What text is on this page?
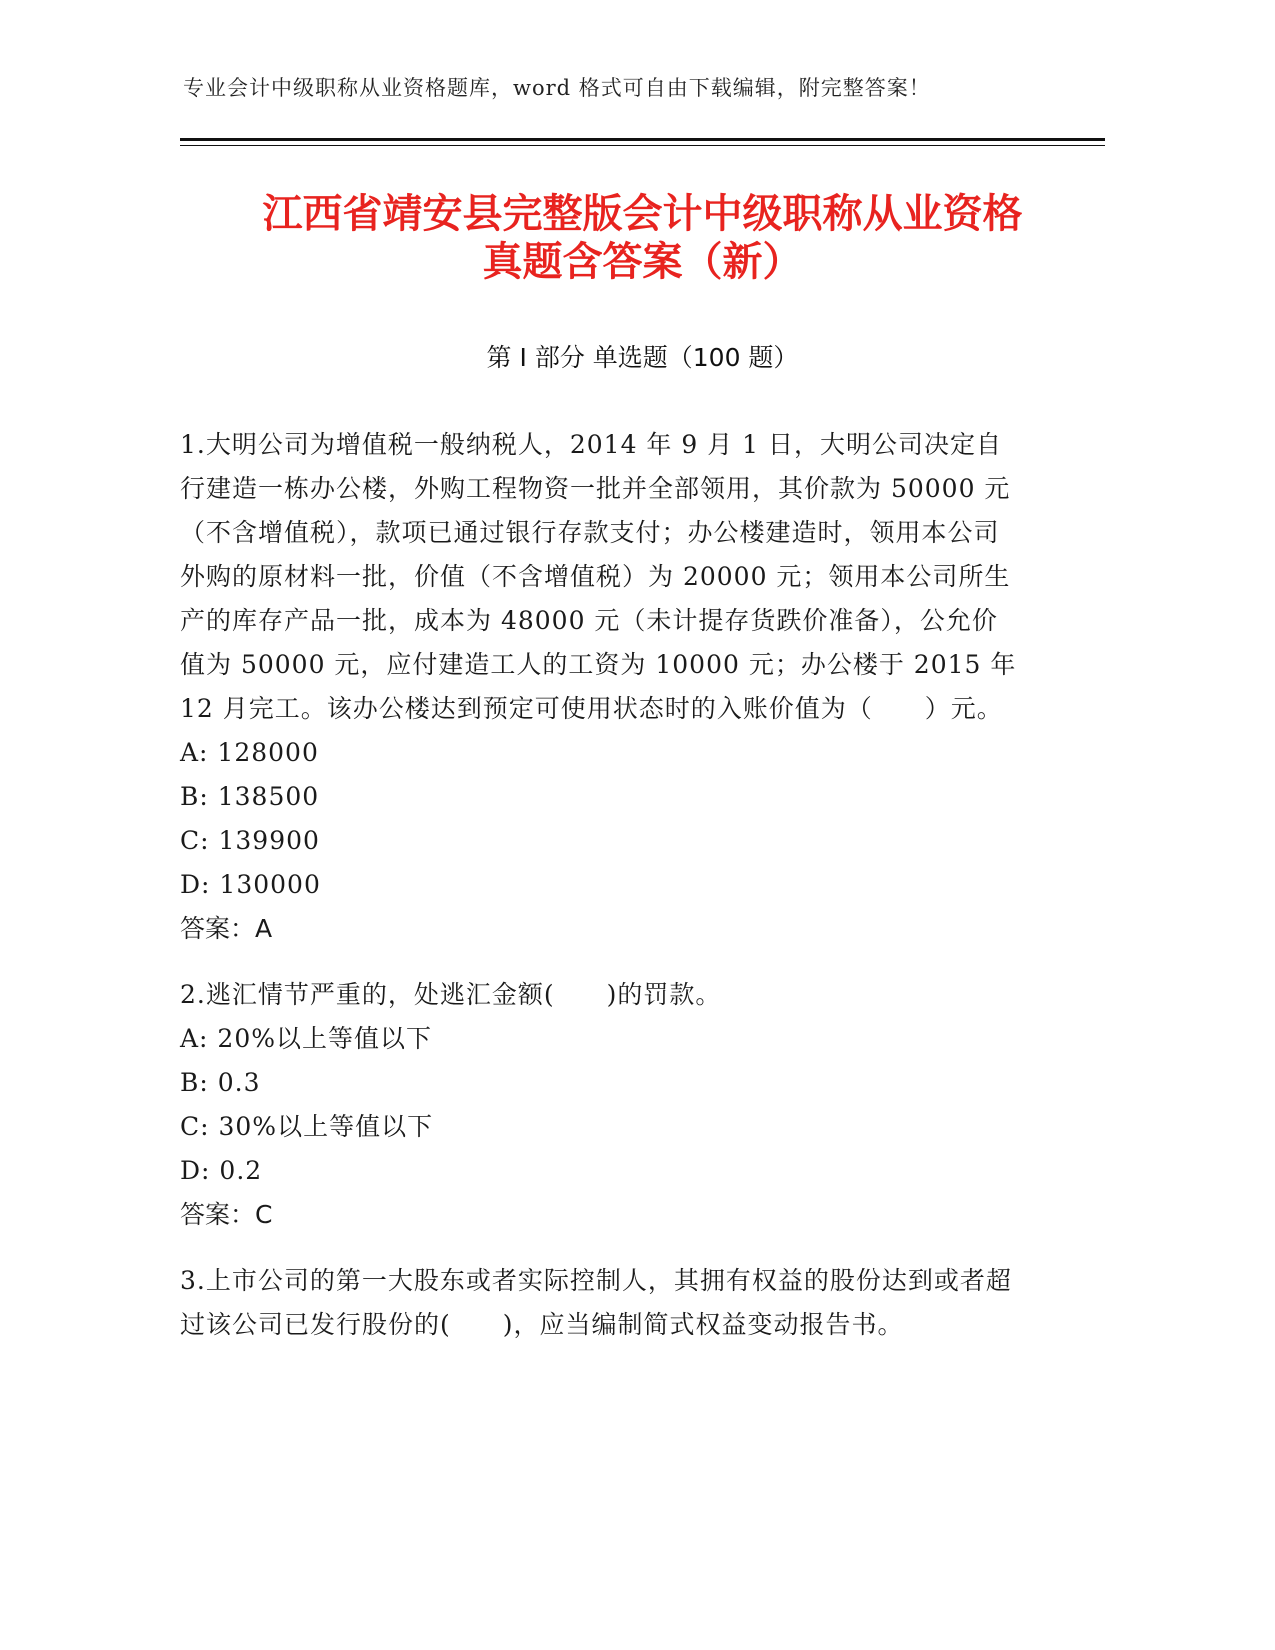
专业会计中级职称从业资格题库，word 格式可自由下载编辑，附完整答案！
江西省靖安县完整版会计中级职称从业资格
真题含答案（新）
第 I 部分 单选题（100 题）

1.大明公司为增值税一般纳税人，2014 年 9 月 1 日，大明公司决定自行建造一栋办公楼，外购工程物资一批并全部领用，其价款为 50000 元（不含增值税），款项已通过银行存款支付；办公楼建造时，领用本公司外购的原材料一批，价值（不含增值税）为 20000 元；领用本公司所生产的库存产品一批，成本为 48000 元（未计提存货跌价准备），公允价值为 50000 元，应付建造工人的工资为 10000 元；办公楼于 2015 年 12 月完工。该办公楼达到预定可使用状态时的入账价值为（　　）元。

A: 128000

B: 138500

C: 139900

D: 130000

答案：A

2.逃汇情节严重的，处逃汇金额(　　)的罚款。

A: 20%以上等值以下

B: 0.3

C: 30%以上等值以下

D: 0.2

答案：C

3.上市公司的第一大股东或者实际控制人，其拥有权益的股份达到或者超过该公司已发行股份的(　　)，应当编制简式权益变动报告书。
